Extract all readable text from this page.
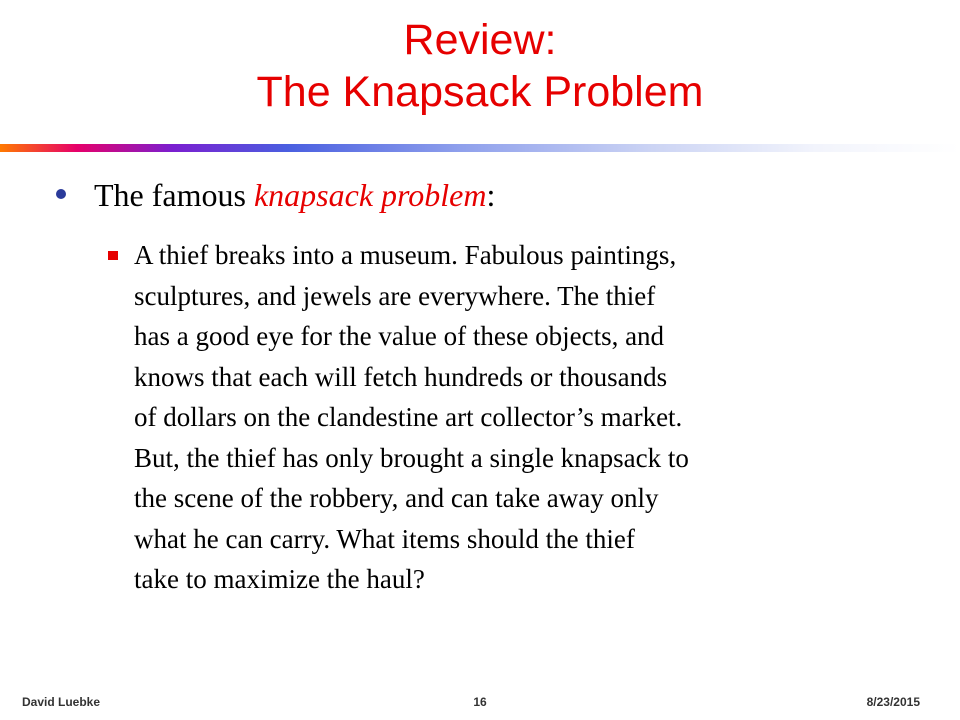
Review:
The Knapsack Problem
The famous knapsack problem:
A thief breaks into a museum. Fabulous paintings,
sculptures, and jewels are everywhere. The thief
has a good eye for the value of these objects, and
knows that each will fetch hundreds or thousands
of dollars on the clandestine art collector’s market.
But, the thief has only brought a single knapsack to
the scene of the robbery, and can take away only
what he can carry. What items should the thief
take to maximize the haul?
David Luebke	16	8/23/2015
